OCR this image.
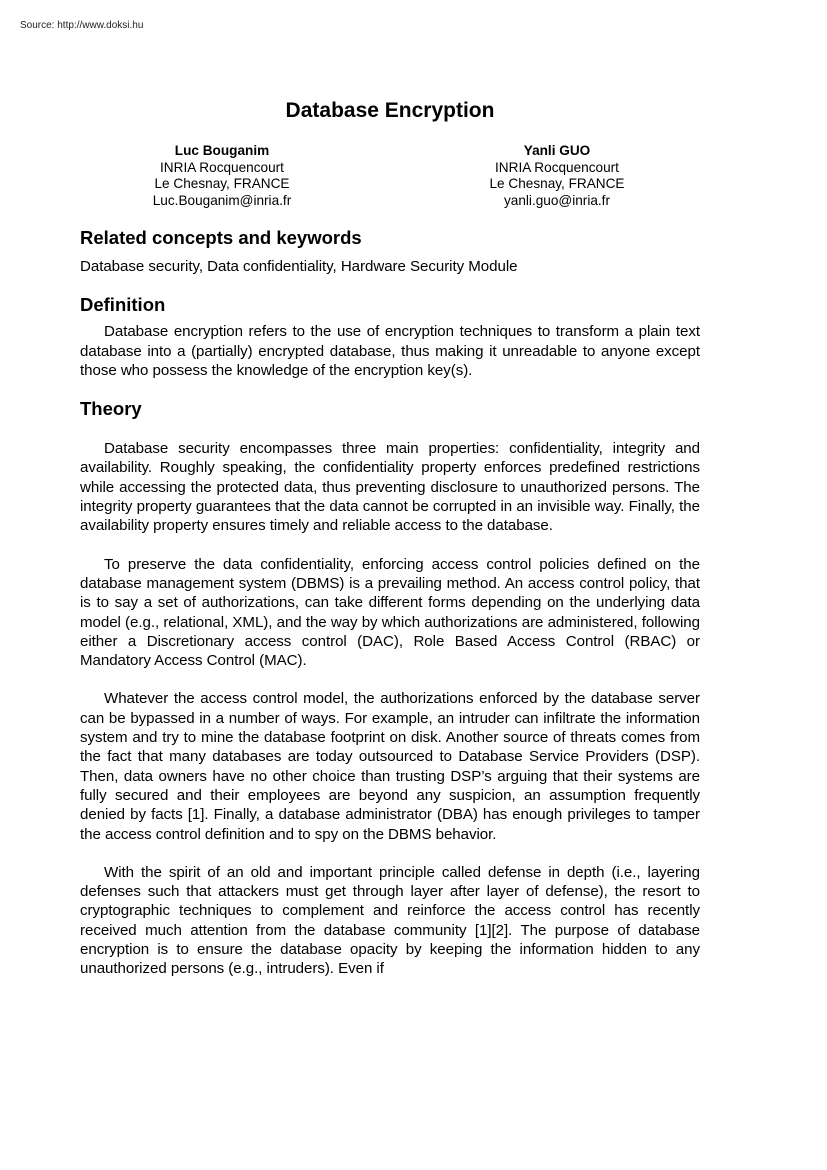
Source: http://www.doksi.hu
Database Encryption
Luc Bouganim
INRIA Rocquencourt
Le Chesnay, FRANCE
Luc.Bouganim@inria.fr
Yanli GUO
INRIA Rocquencourt
Le Chesnay, FRANCE
yanli.guo@inria.fr
Related concepts and keywords

Database security, Data confidentiality, Hardware Security Module

Definition

Database encryption refers to the use of encryption techniques to transform a plain text database into a (partially) encrypted database, thus making it unreadable to anyone except those who possess the knowledge of the encryption key(s).

Theory

Database security encompasses three main properties: confidentiality, integrity and availability. Roughly speaking, the confidentiality property enforces predefined restrictions while accessing the protected data, thus preventing disclosure to unauthorized persons. The integrity property guarantees that the data cannot be corrupted in an invisible way. Finally, the availability property ensures timely and reliable access to the database.

To preserve the data confidentiality, enforcing access control policies defined on the database management system (DBMS) is a prevailing method. An access control policy, that is to say a set of authorizations, can take different forms depending on the underlying data model (e.g., relational, XML), and the way by which authorizations are administered, following either a Discretionary access control (DAC), Role Based Access Control (RBAC) or Mandatory Access Control (MAC).

Whatever the access control model, the authorizations enforced by the database server can be bypassed in a number of ways. For example, an intruder can infiltrate the information system and try to mine the database footprint on disk. Another source of threats comes from the fact that many databases are today outsourced to Database Service Providers (DSP). Then, data owners have no other choice than trusting DSP’s arguing that their systems are fully secured and their employees are beyond any suspicion, an assumption frequently denied by facts [1]. Finally, a database administrator (DBA) has enough privileges to tamper the access control definition and to spy on the DBMS behavior.

With the spirit of an old and important principle called defense in depth (i.e., layering defenses such that attackers must get through layer after layer of defense), the resort to cryptographic techniques to complement and reinforce the access control has recently received much attention from the database community [1][2]. The purpose of database encryption is to ensure the database opacity by keeping the information hidden to any unauthorized persons (e.g., intruders). Even if
